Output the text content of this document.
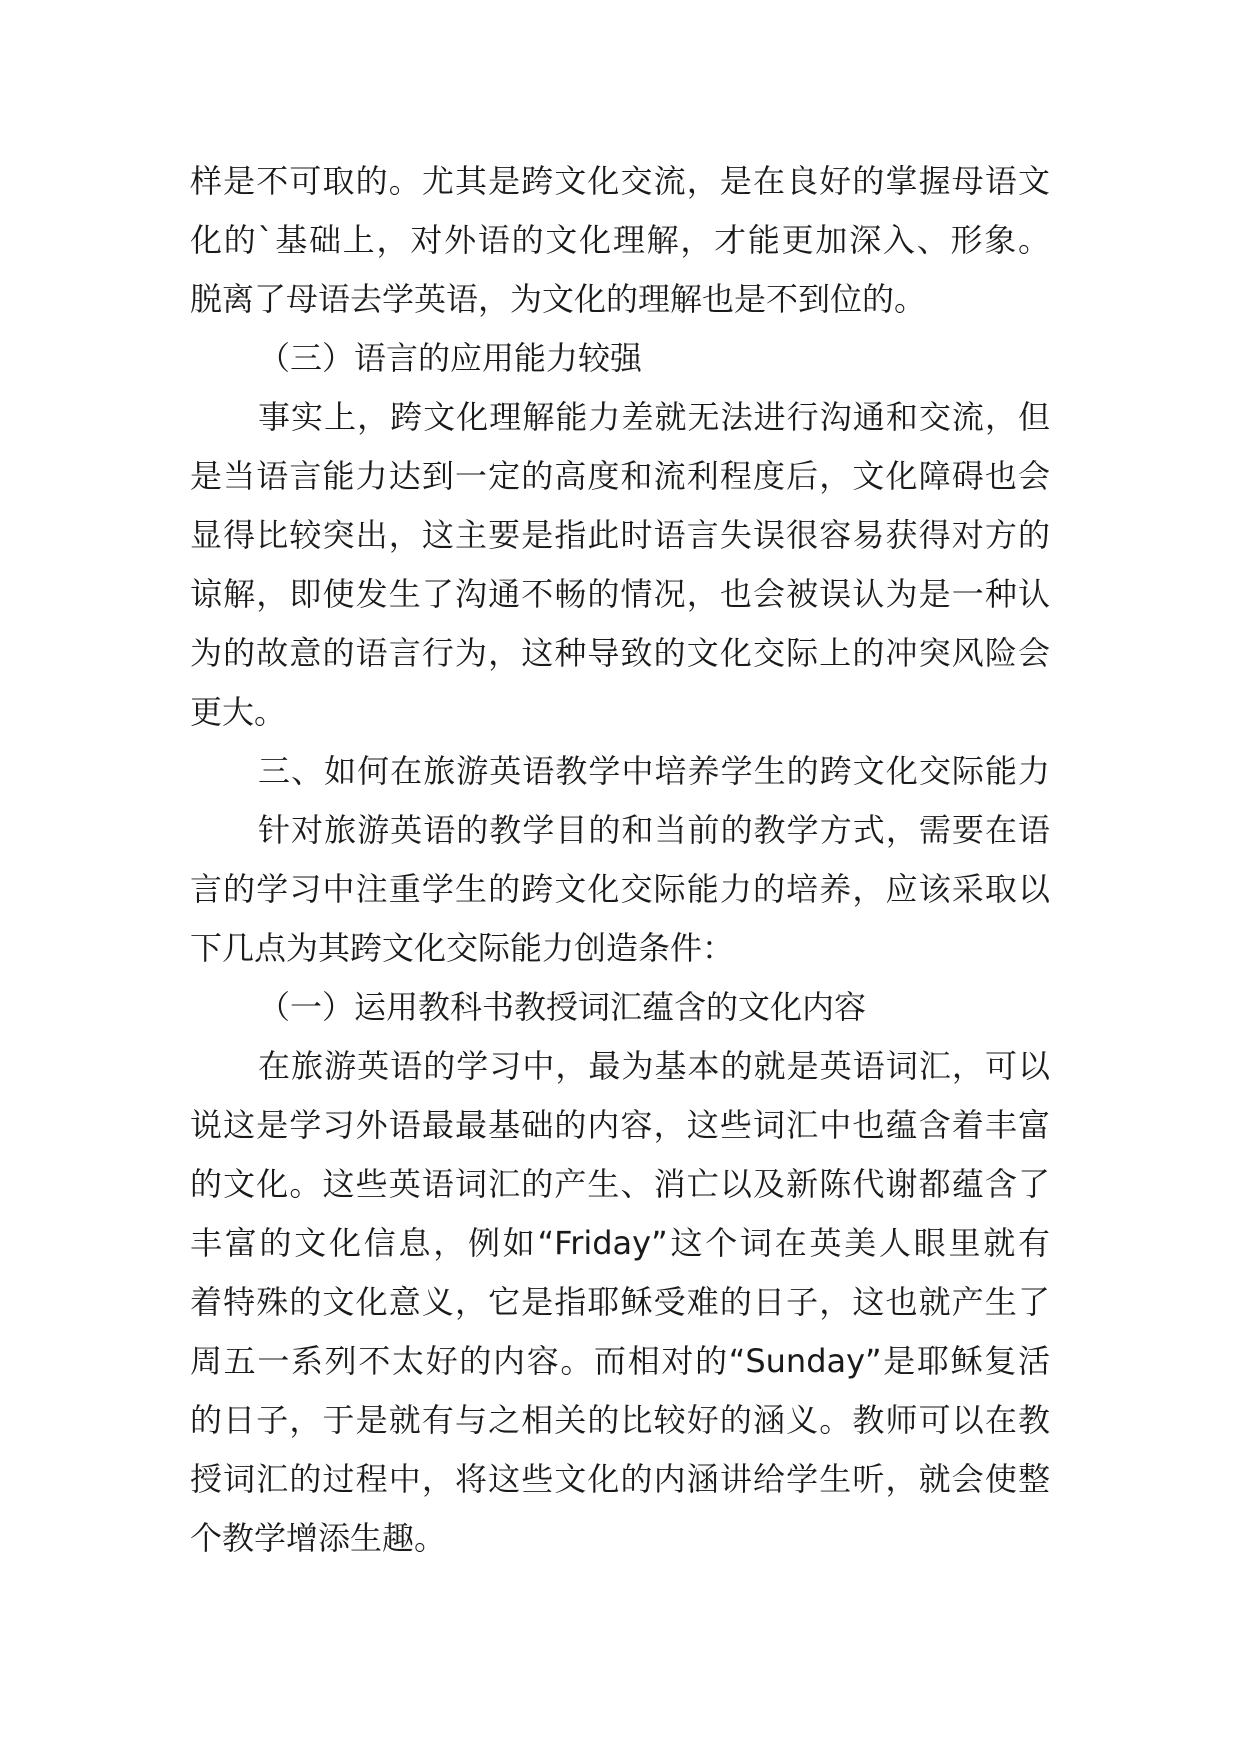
样是不可取的。尤其是跨文化交流，是在良好的掌握母语文

化的`基础上，对外语的文化理解，才能更加深入、形象。

脱离了母语去学英语，为文化的理解也是不到位的。

（三）语言的应用能力较强

事实上，跨文化理解能力差就无法进行沟通和交流，但

是当语言能力达到一定的高度和流利程度后，文化障碍也会

显得比较突出，这主要是指此时语言失误很容易获得对方的

谅解，即使发生了沟通不畅的情况，也会被误认为是一种认

为的故意的语言行为，这种导致的文化交际上的冲突风险会

更大。

三、如何在旅游英语教学中培养学生的跨文化交际能力

针对旅游英语的教学目的和当前的教学方式，需要在语

言的学习中注重学生的跨文化交际能力的培养，应该采取以

下几点为其跨文化交际能力创造条件：

（一）运用教科书教授词汇蕴含的文化内容

在旅游英语的学习中，最为基本的就是英语词汇，可以

说这是学习外语最最基础的内容，这些词汇中也蕴含着丰富

的文化。这些英语词汇的产生、消亡以及新陈代谢都蕴含了

丰富的文化信息，例如“Friday”这个词在英美人眼里就有

着特殊的文化意义，它是指耶稣受难的日子，这也就产生了

周五一系列不太好的内容。而相对的“Sunday”是耶稣复活

的日子，于是就有与之相关的比较好的涵义。教师可以在教

授词汇的过程中，将这些文化的内涵讲给学生听，就会使整

个教学增添生趣。
